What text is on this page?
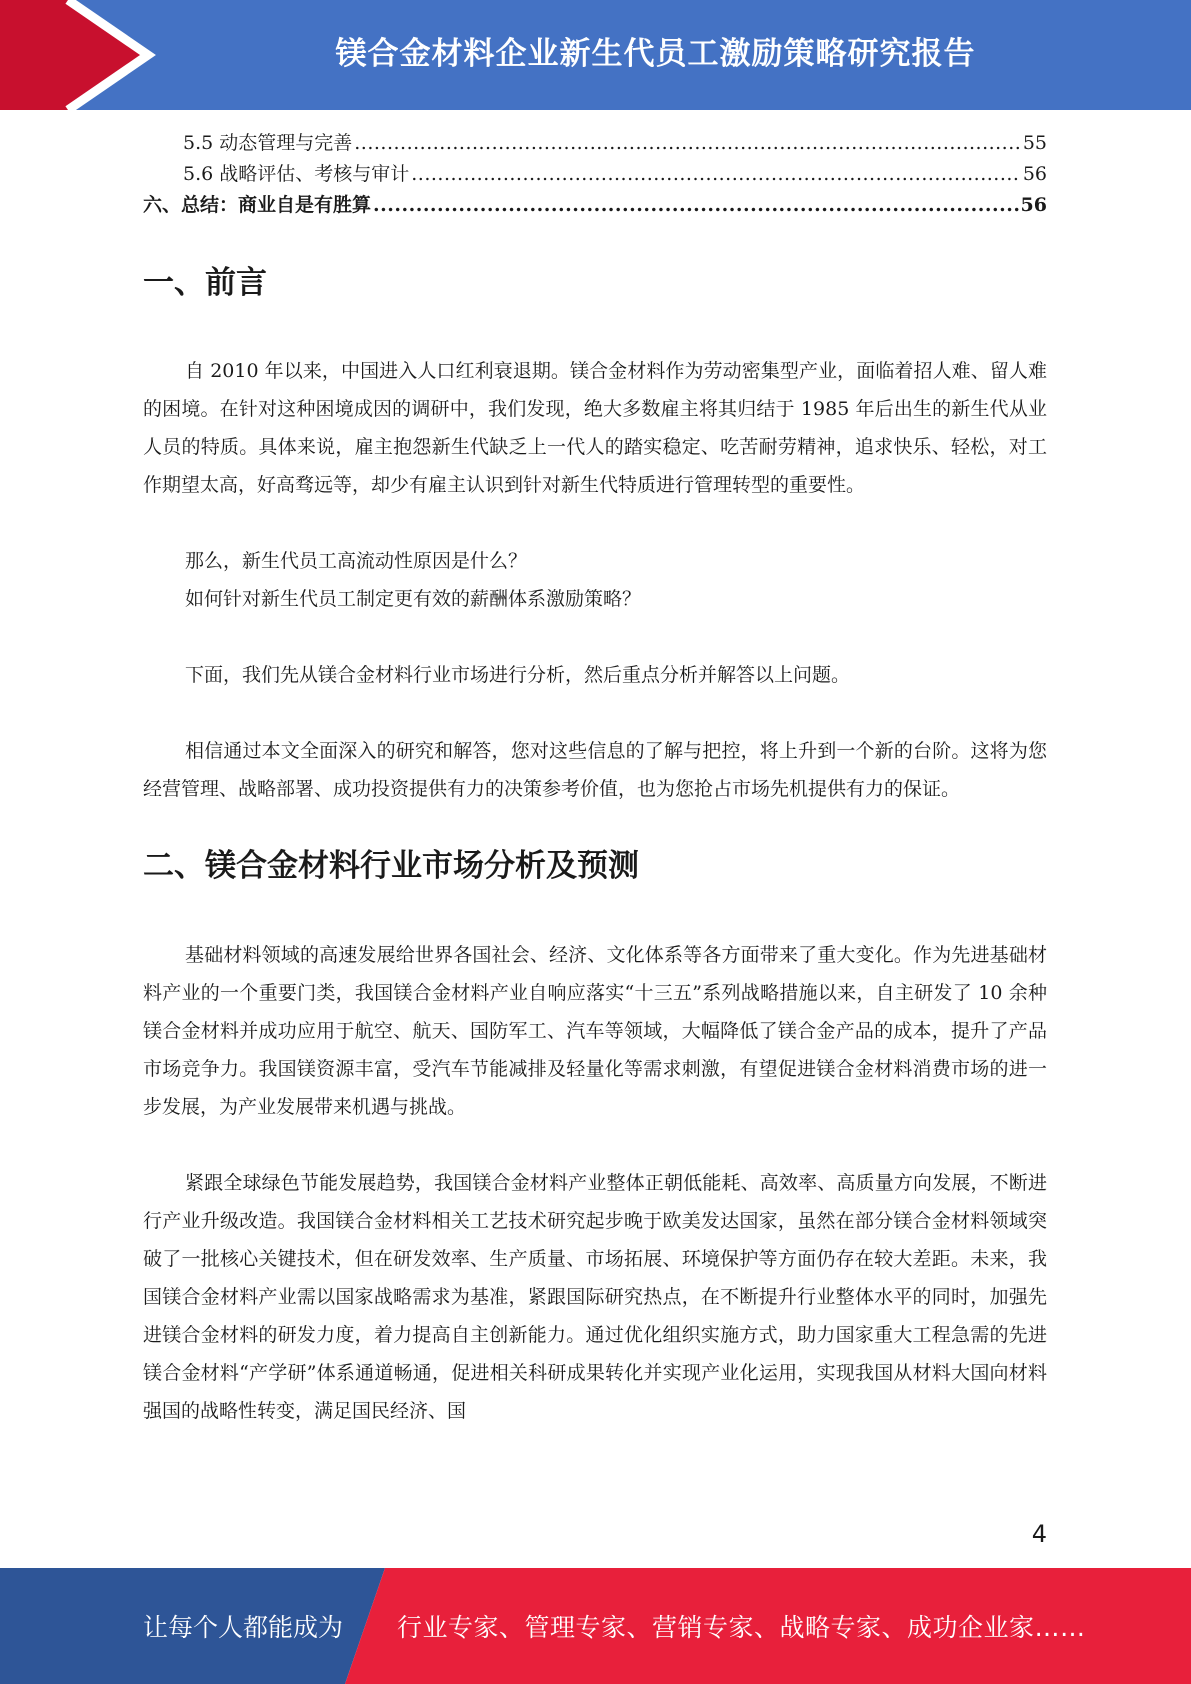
镁合金材料企业新生代员工激励策略研究报告
5.5 动态管理与完善 .....	55
5.6 战略评估、考核与审计 .....	56
六、总结：商业自是有胜算 .....	56
一、前言

自 2010 年以来，中国进入人口红利衰退期。镁合金材料作为劳动密集型产业，面临着招人难、留人难的困境。在针对这种困境成因的调研中，我们发现，绝大多数雇主将其归结于 1985 年后出生的新生代从业人员的特质。具体来说，雇主抱怨新生代缺乏上一代人的踏实稳定、吃苦耐劳精神，追求快乐、轻松，对工作期望太高，好高骛远等，却少有雇主认识到针对新生代特质进行管理转型的重要性。

那么，新生代员工高流动性原因是什么？

如何针对新生代员工制定更有效的薪酬体系激励策略？

下面，我们先从镁合金材料行业市场进行分析，然后重点分析并解答以上问题。

相信通过本文全面深入的研究和解答，您对这些信息的了解与把控，将上升到一个新的台阶。这将为您经营管理、战略部署、成功投资提供有力的决策参考价值，也为您抢占市场先机提供有力的保证。

二、镁合金材料行业市场分析及预测

基础材料领域的高速发展给世界各国社会、经济、文化体系等各方面带来了重大变化。作为先进基础材料产业的一个重要门类，我国镁合金材料产业自响应落实“十三五”系列战略措施以来，自主研发了 10 余种镁合金材料并成功应用于航空、航天、国防军工、汽车等领域，大幅降低了镁合金产品的成本，提升了产品市场竞争力。我国镁资源丰富，受汽车节能减排及轻量化等需求刺激，有望促进镁合金材料消费市场的进一步发展，为产业发展带来机遇与挑战。

紧跟全球绿色节能发展趋势，我国镁合金材料产业整体正朝低能耗、高效率、高质量方向发展，不断进行产业升级改造。我国镁合金材料相关工艺技术研究起步晚于欧美发达国家，虽然在部分镁合金材料领域突破了一批核心关键技术，但在研发效率、生产质量、市场拓展、环境保护等方面仍存在较大差距。未来，我国镁合金材料产业需以国家战略需求为基准，紧跟国际研究热点，在不断提升行业整体水平的同时，加强先进镁合金材料的研发力度，着力提高自主创新能力。通过优化组织实施方式，助力国家重大工程急需的先进镁合金材料“产学研”体系通道畅通，促进相关科研成果转化并实现产业化运用，实现我国从材料大国向材料强国的战略性转变，满足国民经济、国

4
让每个人都能成为 行业专家、管理专家、营销专家、战略专家、成功企业家……
